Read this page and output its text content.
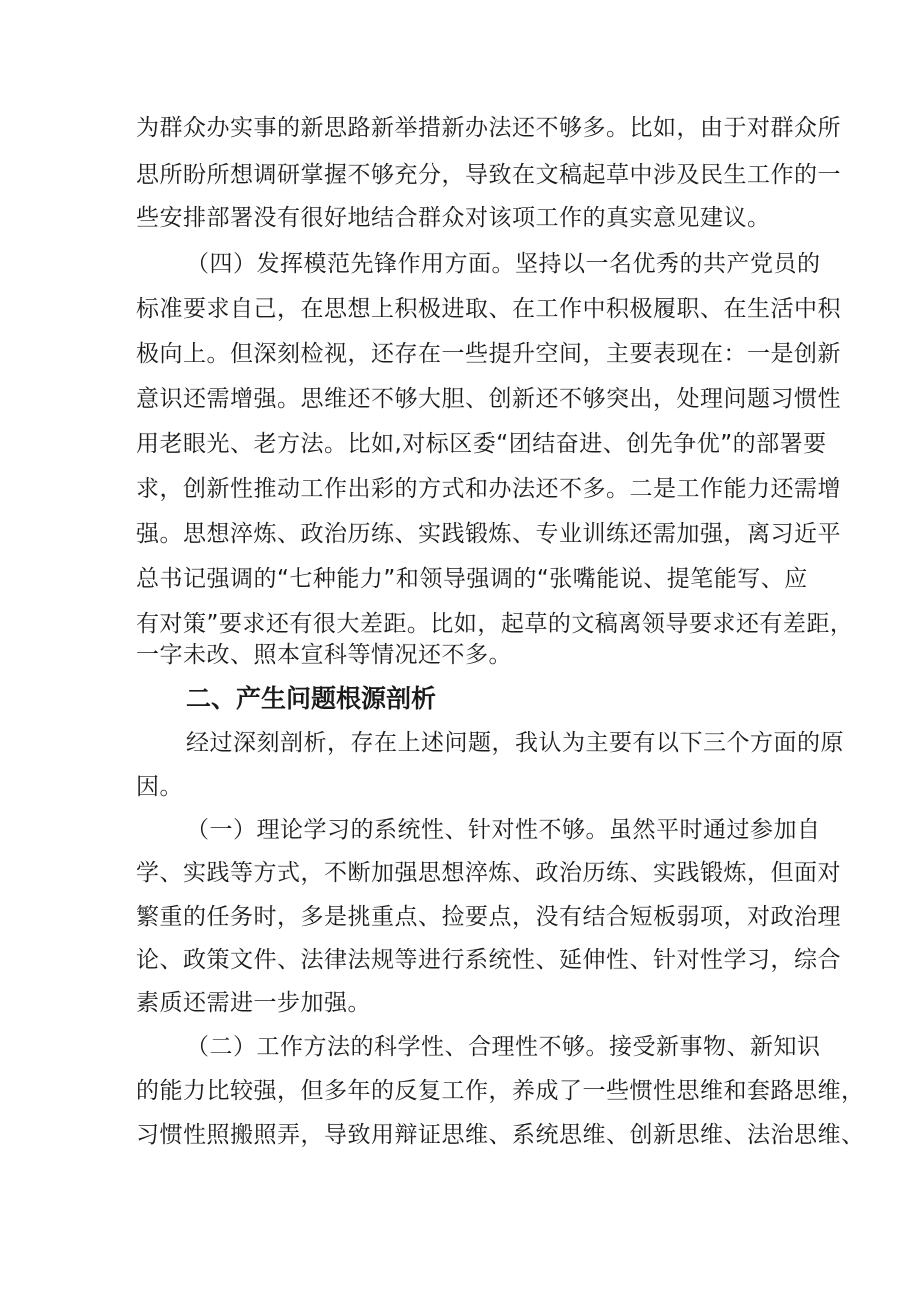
为群众办实事的新思路新举措新办法还不够多。比如，由于对群众所

思所盼所想调研掌握不够充分，导致在文稿起草中涉及民生工作的一

些安排部署没有很好地结合群众对该项工作的真实意见建议。

（四）发挥模范先锋作用方面。坚持以一名优秀的共产党员的

标准要求自己，在思想上积极进取、在工作中积极履职、在生活中积

极向上。但深刻检视，还存在一些提升空间，主要表现在：一是创新

意识还需增强。思维还不够大胆、创新还不够突出，处理问题习惯性

用老眼光、老方法。比如,对标区委“团结奋进、创先争优”的部署要

求，创新性推动工作出彩的方式和办法还不多。二是工作能力还需增

强。思想淬炼、政治历练、实践锻炼、专业训练还需加强，离习近平

总书记强调的“七种能力”和领导强调的“张嘴能说、提笔能写、应

有对策”要求还有很大差距。比如，起草的文稿离领导要求还有差距，

一字未改、照本宣科等情况还不多。

二、产生问题根源剖析

经过深刻剖析，存在上述问题，我认为主要有以下三个方面的原

因。

（一）理论学习的系统性、针对性不够。虽然平时通过参加自

学、实践等方式，不断加强思想淬炼、政治历练、实践锻炼，但面对

繁重的任务时，多是挑重点、捡要点，没有结合短板弱项，对政治理

论、政策文件、法律法规等进行系统性、延伸性、针对性学习，综合

素质还需进一步加强。

（二）工作方法的科学性、合理性不够。接受新事物、新知识

的能力比较强，但多年的反复工作，养成了一些惯性思维和套路思维，

习惯性照搬照弄，导致用辩证思维、系统思维、创新思维、法治思维、
